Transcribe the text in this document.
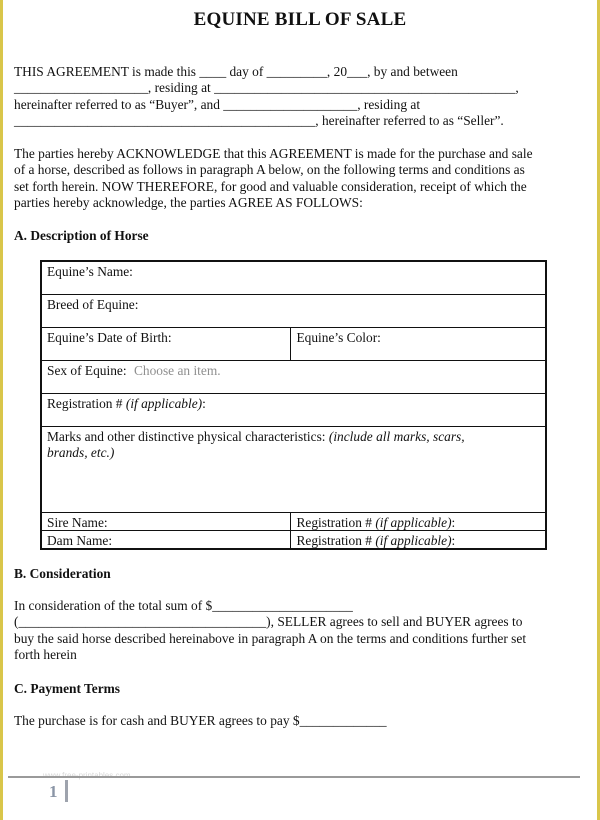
EQUINE BILL OF SALE
THIS AGREEMENT is made this ____ day of _________, 20___, by and between
____________________, residing at _____________________________________________,
hereinafter referred to as “Buyer”, and ____________________, residing at
_____________________________________________, hereinafter referred to as “Seller”.
The parties hereby ACKNOWLEDGE that this AGREEMENT is made for the purchase and sale
of a horse, described as follows in paragraph A below, on the following terms and conditions as
set forth herein. NOW THEREFORE, for good and valuable consideration, receipt of which the
parties hereby acknowledge, the parties AGREE AS FOLLOWS:
A. Description of Horse
Equine’s Name:	
Breed of Equine:	
Equine’s Date of Birth:	Equine’s Color:
Sex of Equine: Choose an item.	
Registration # (if applicable):	
Marks and other distinctive physical characteristics: (include all marks, scars,
brands, etc.)	
Sire Name:	Registration # (if applicable):
Dam Name:	Registration # (if applicable):
B. Consideration
In consideration of the total sum of $_____________________
(_____________________________________), SELLER agrees to sell and BUYER agrees to
buy the said horse described hereinabove in paragraph A on the terms and conditions further set
forth herein
C. Payment Terms
The purchase is for cash and BUYER agrees to pay $_____________
1
